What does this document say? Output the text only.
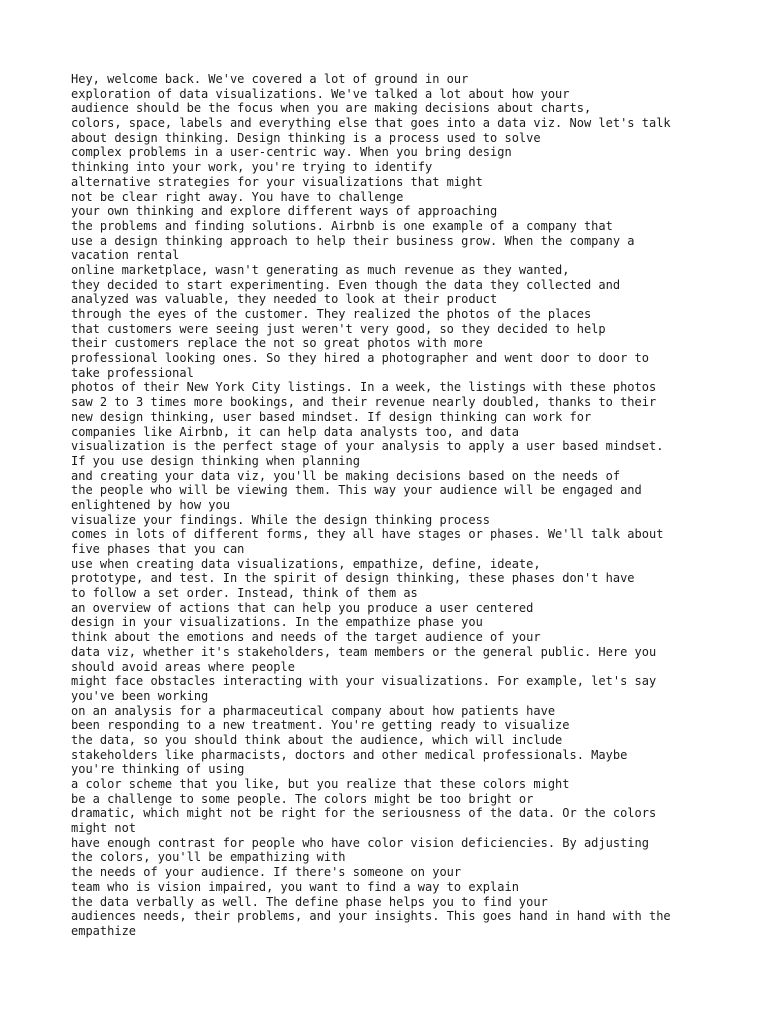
Hey, welcome back. We've covered a lot of ground in our
exploration of data visualizations. We've talked a lot about how your
audience should be the focus when you are making decisions about charts,
colors, space, labels and everything else that goes into a data viz. Now let's talk
about design thinking. Design thinking is a process used to solve
complex problems in a user-centric way. When you bring design
thinking into your work, you're trying to identify
alternative strategies for your visualizations that might
not be clear right away. You have to challenge
your own thinking and explore different ways of approaching
the problems and finding solutions. Airbnb is one example of a company that
use a design thinking approach to help their business grow. When the company a
vacation rental
online marketplace, wasn't generating as much revenue as they wanted,
they decided to start experimenting. Even though the data they collected and
analyzed was valuable, they needed to look at their product
through the eyes of the customer. They realized the photos of the places
that customers were seeing just weren't very good, so they decided to help
their customers replace the not so great photos with more
professional looking ones. So they hired a photographer and went door to door to
take professional
photos of their New York City listings. In a week, the listings with these photos
saw 2 to 3 times more bookings, and their revenue nearly doubled, thanks to their
new design thinking, user based mindset. If design thinking can work for
companies like Airbnb, it can help data analysts too, and data
visualization is the perfect stage of your analysis to apply a user based mindset.
If you use design thinking when planning
and creating your data viz, you'll be making decisions based on the needs of
the people who will be viewing them. This way your audience will be engaged and
enlightened by how you
visualize your findings. While the design thinking process
comes in lots of different forms, they all have stages or phases. We'll talk about
five phases that you can
use when creating data visualizations, empathize, define, ideate,
prototype, and test. In the spirit of design thinking, these phases don't have
to follow a set order. Instead, think of them as
an overview of actions that can help you produce a user centered
design in your visualizations. In the empathize phase you
think about the emotions and needs of the target audience of your
data viz, whether it's stakeholders, team members or the general public. Here you
should avoid areas where people
might face obstacles interacting with your visualizations. For example, let's say
you've been working
on an analysis for a pharmaceutical company about how patients have
been responding to a new treatment. You're getting ready to visualize
the data, so you should think about the audience, which will include
stakeholders like pharmacists, doctors and other medical professionals. Maybe
you're thinking of using
a color scheme that you like, but you realize that these colors might
be a challenge to some people. The colors might be too bright or
dramatic, which might not be right for the seriousness of the data. Or the colors
might not
have enough contrast for people who have color vision deficiencies. By adjusting
the colors, you'll be empathizing with
the needs of your audience. If there's someone on your
team who is vision impaired, you want to find a way to explain
the data verbally as well. The define phase helps you to find your
audiences needs, their problems, and your insights. This goes hand in hand with the
empathize
